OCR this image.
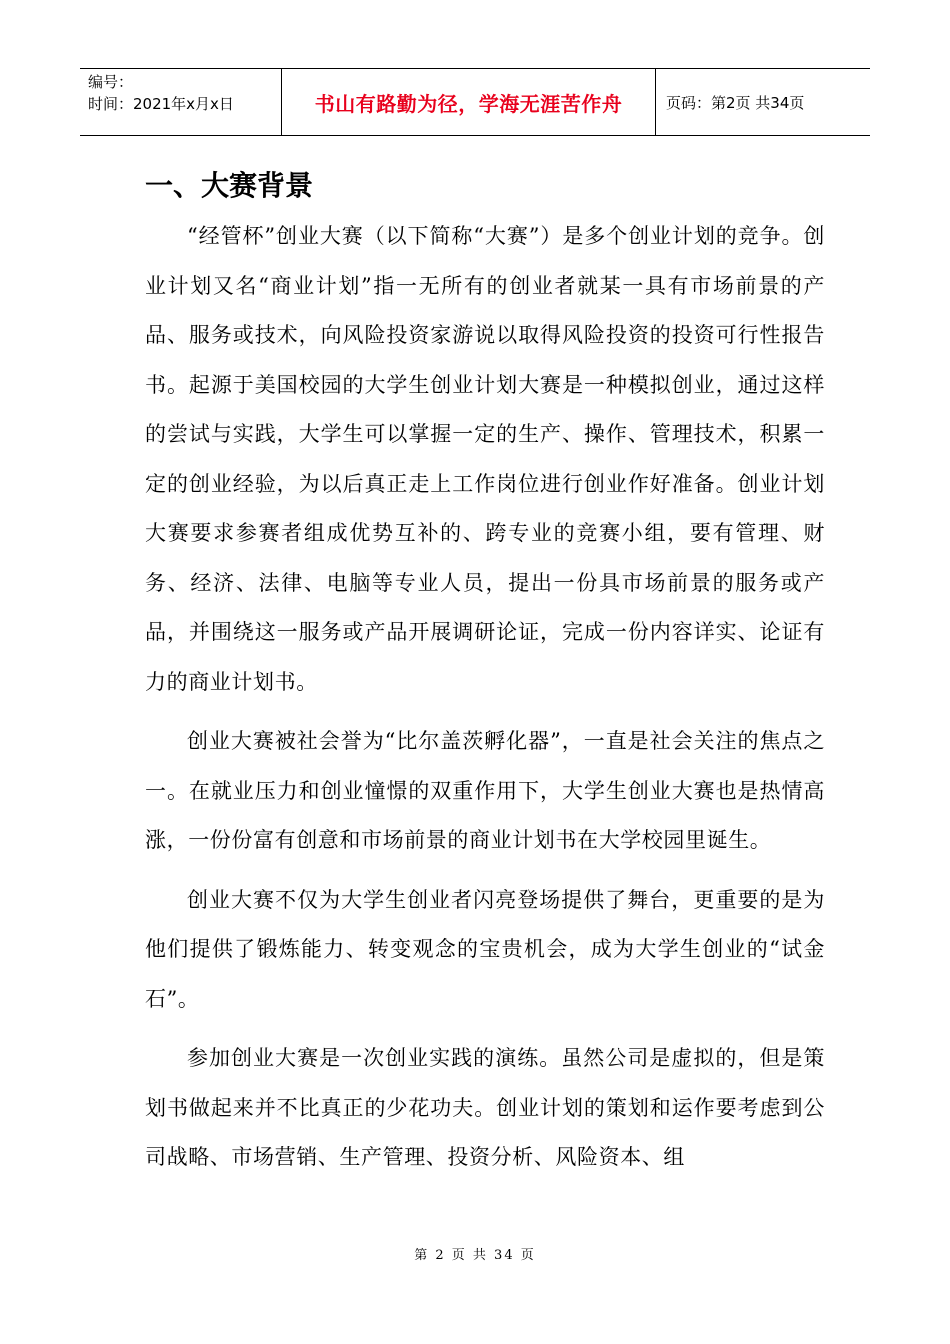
编号：
时间：2021年x月x日	书山有路勤为径，学海无涯苦作舟	页码：第2页 共34页
一、大赛背景

“经管杯”创业大赛（以下简称“大赛”）是多个创业计划的竞争。创业计划又名“商业计划”指一无所有的创业者就某一具有市场前景的产品、服务或技术，向风险投资家游说以取得风险投资的投资可行性报告书。起源于美国校园的大学生创业计划大赛是一种模拟创业，通过这样的尝试与实践，大学生可以掌握一定的生产、操作、管理技术，积累一定的创业经验，为以后真正走上工作岗位进行创业作好准备。创业计划大赛要求参赛者组成优势互补的、跨专业的竞赛小组，要有管理、财务、经济、法律、电脑等专业人员，提出一份具市场前景的服务或产品，并围绕这一服务或产品开展调研论证，完成一份内容详实、论证有力的商业计划书。

创业大赛被社会誉为“比尔盖茨孵化器”，一直是社会关注的焦点之一。在就业压力和创业憧憬的双重作用下，大学生创业大赛也是热情高涨，一份份富有创意和市场前景的商业计划书在大学校园里诞生。

创业大赛不仅为大学生创业者闪亮登场提供了舞台，更重要的是为他们提供了锻炼能力、转变观念的宝贵机会，成为大学生创业的“试金石”。

参加创业大赛是一次创业实践的演练。虽然公司是虚拟的，但是策划书做起来并不比真正的少花功夫。创业计划的策划和运作要考虑到公司战略、市场营销、生产管理、投资分析、风险资本、组

第 2 页 共 34 页
